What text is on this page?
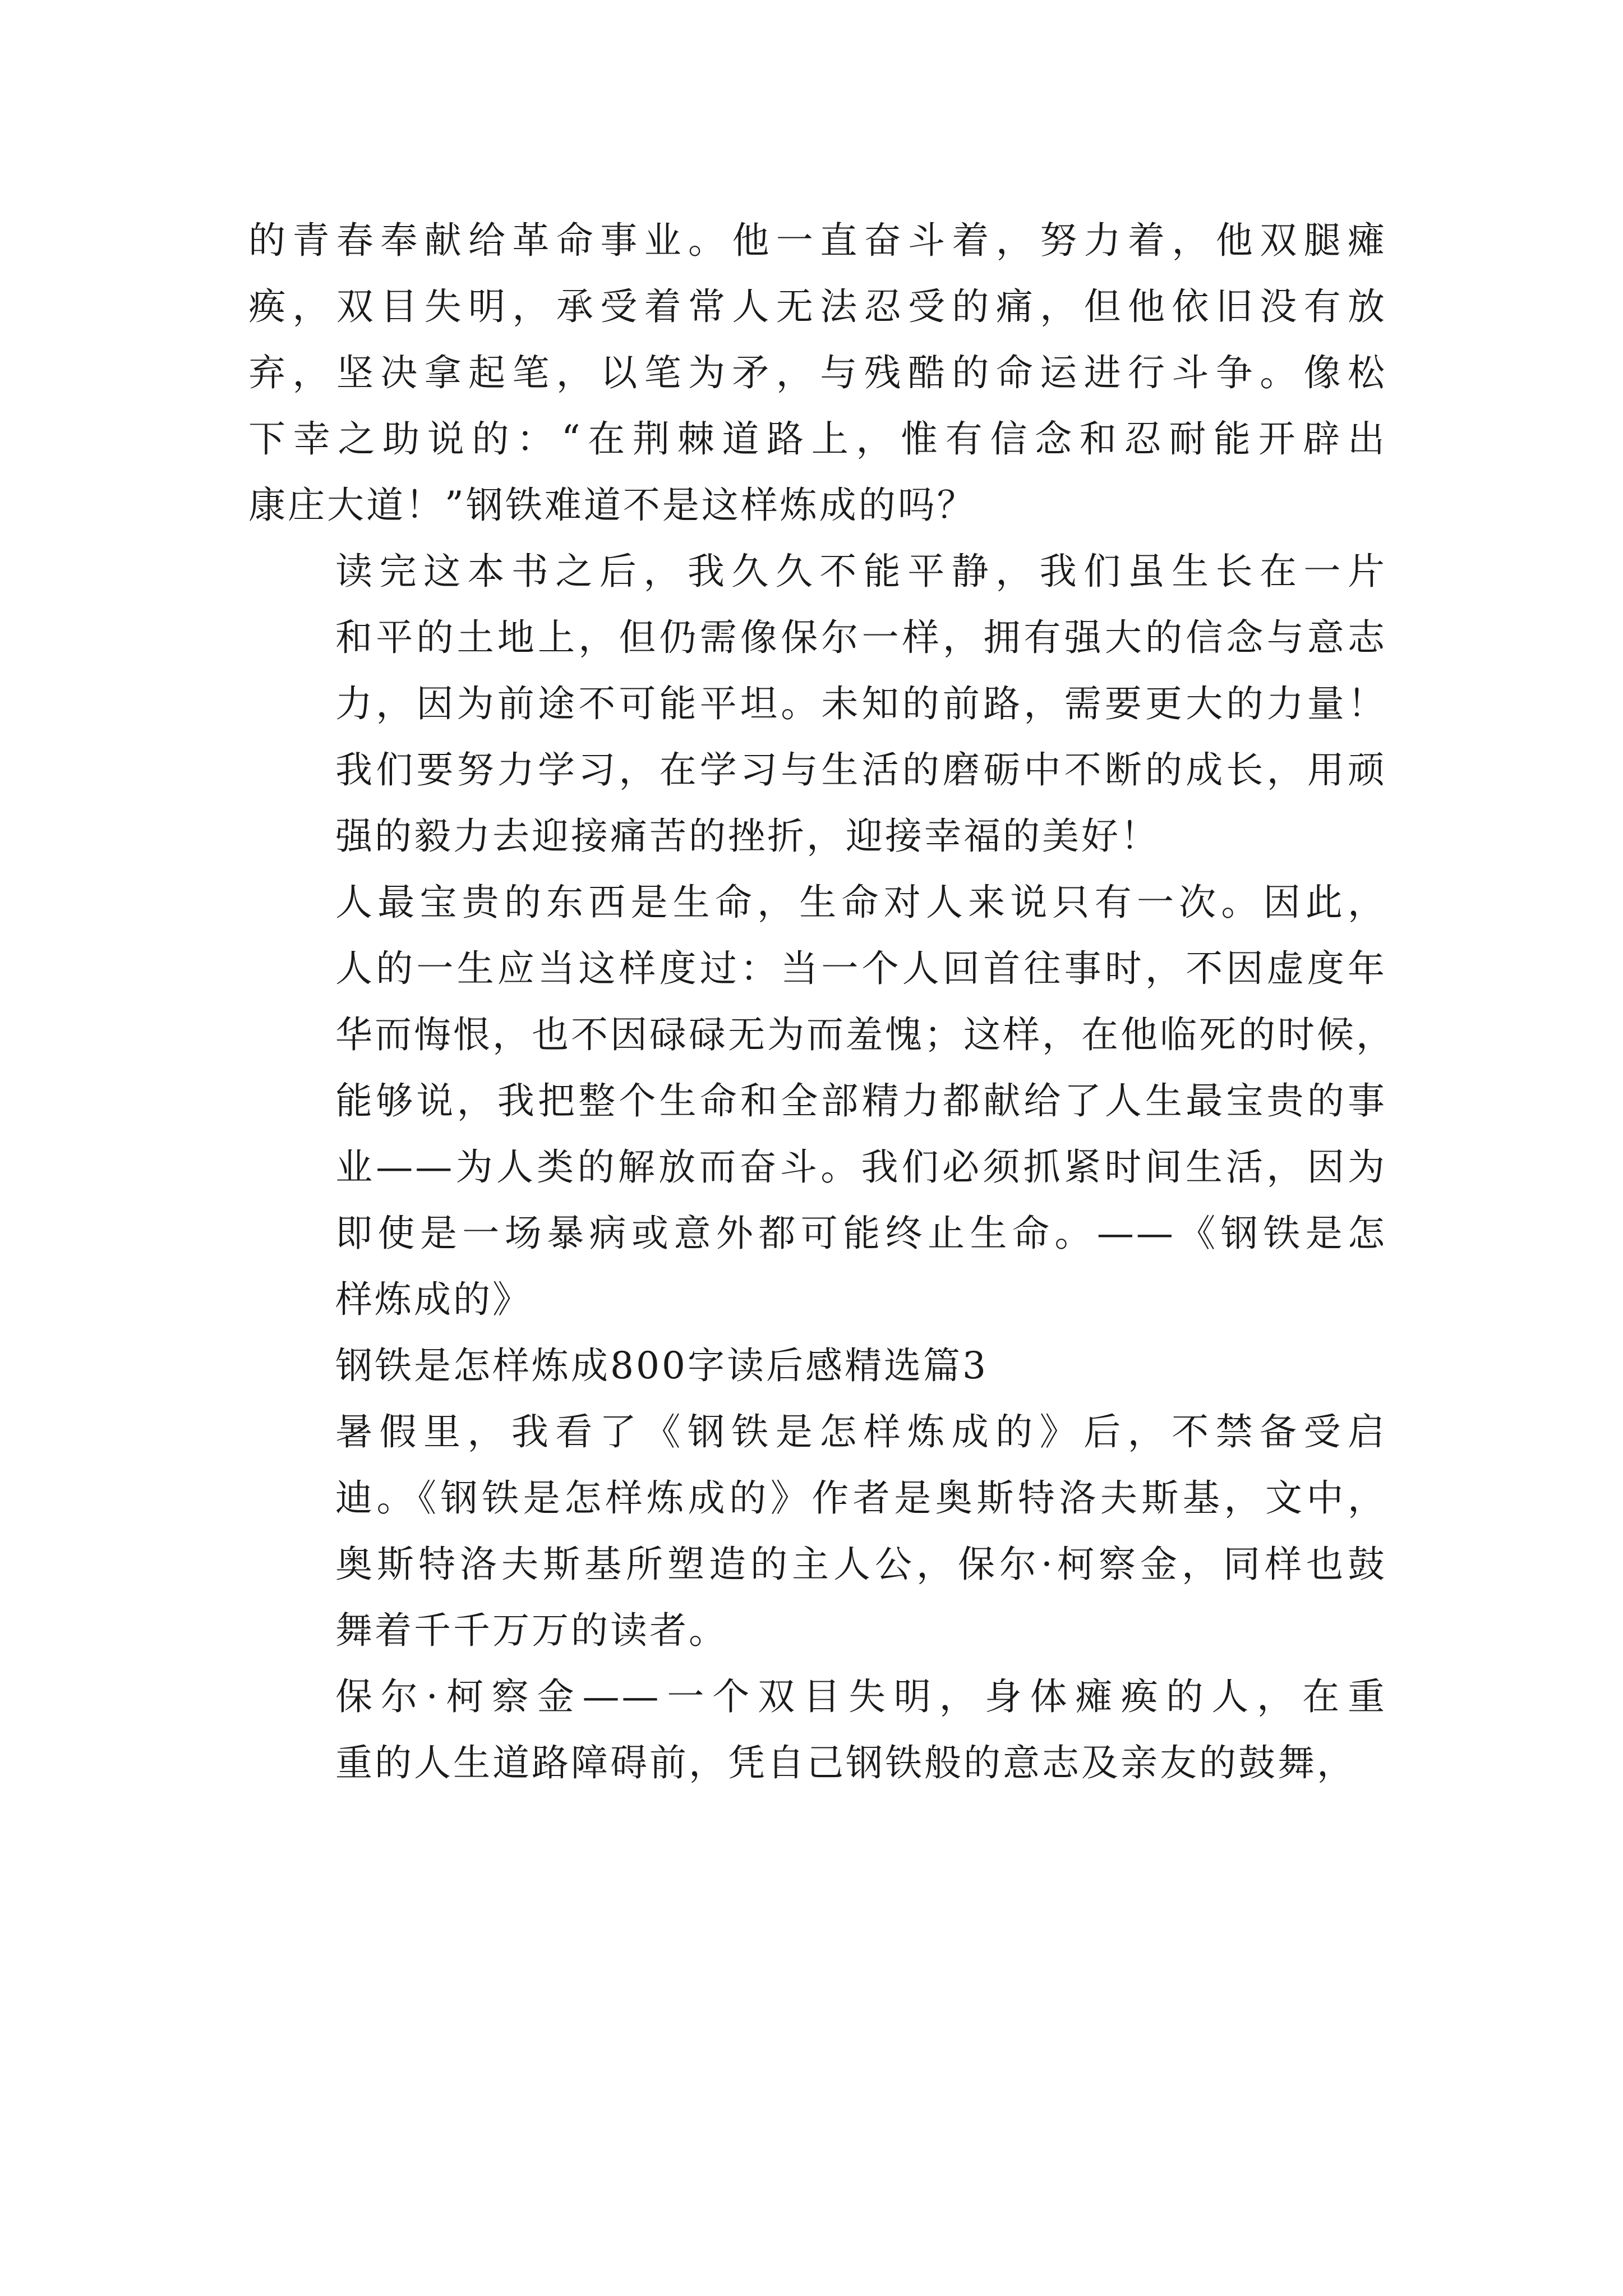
的青春奉献给革命事业。他一直奋斗着，努力着，他双腿瘫
痪，双目失明，承受着常人无法忍受的痛，但他依旧没有放
弃，坚决拿起笔，以笔为矛，与残酷的命运进行斗争。像松
下幸之助说的：“在荆棘道路上，惟有信念和忍耐能开辟出
康庄大道！”钢铁难道不是这样炼成的吗？

读完这本书之后，我久久不能平静，我们虽生长在一片
和平的土地上，但仍需像保尔一样，拥有强大的信念与意志
力，因为前途不可能平坦。未知的前路，需要更大的力量！
我们要努力学习，在学习与生活的磨砺中不断的成长，用顽
强的毅力去迎接痛苦的挫折，迎接幸福的美好！

人最宝贵的东西是生命，生命对人来说只有一次。因此，
人的一生应当这样度过：当一个人回首往事时，不因虚度年
华而悔恨，也不因碌碌无为而羞愧；这样，在他临死的时候，
能够说，我把整个生命和全部精力都献给了人生最宝贵的事
业——为人类的解放而奋斗。我们必须抓紧时间生活，因为
即使是一场暴病或意外都可能终止生命。——《钢铁是怎
样炼成的》

钢铁是怎样炼成800字读后感精选篇3

暑假里，我看了《钢铁是怎样炼成的》后，不禁备受启
迪。《钢铁是怎样炼成的》作者是奥斯特洛夫斯基，文中，
奥斯特洛夫斯基所塑造的主人公，保尔·柯察金，同样也鼓
舞着千千万万的读者。

保尔·柯察金——一个双目失明，身体瘫痪的人，在重
重的人生道路障碍前，凭自己钢铁般的意志及亲友的鼓舞，
